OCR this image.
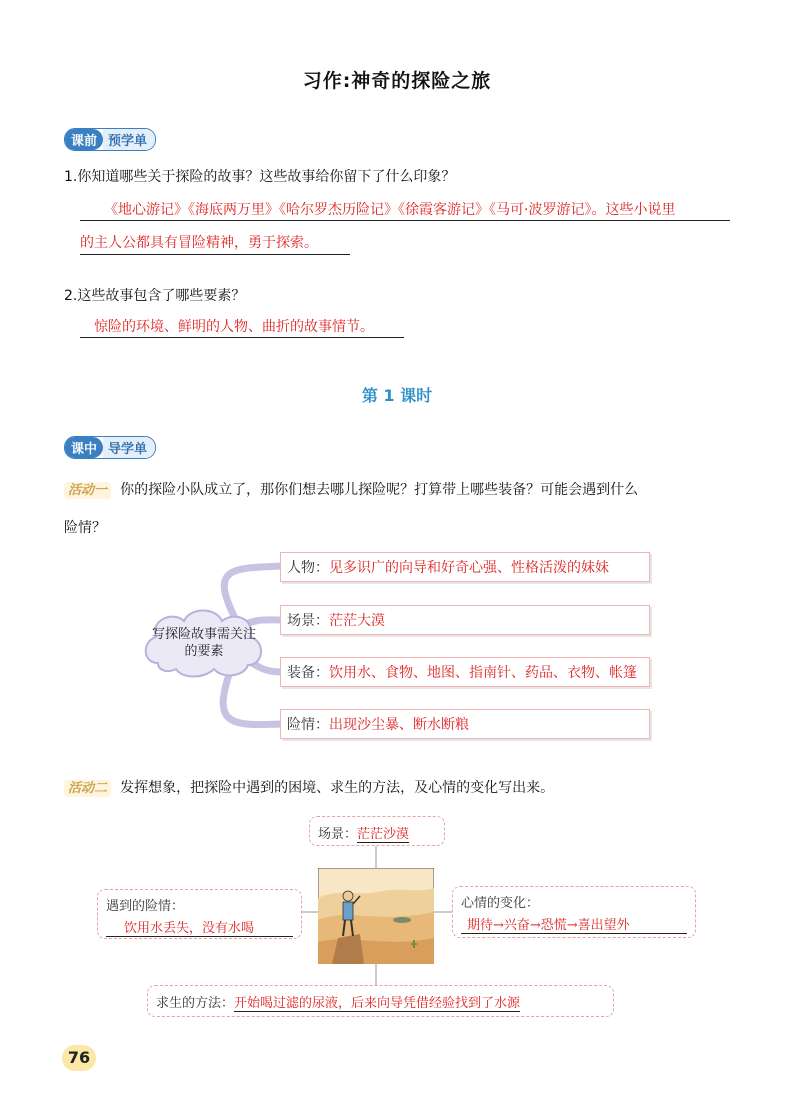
习作:神奇的探险之旅
课前 预学单
1.你知道哪些关于探险的故事？这些故事给你留下了什么印象？
《地心游记》《海底两万里》《哈尔罗杰历险记》《徐霞客游记》《马可·波罗游记》。这些小说里
的主人公都具有冒险精神，勇于探索。
2.这些故事包含了哪些要素？
惊险的环境、鲜明的人物、曲折的故事情节。
第 1 课时
课中 导学单
活动一 你的探险小队成立了，那你们想去哪儿探险呢？打算带上哪些装备？可能会遇到什么
险情？
写探险故事需关注的要素
人物： 见多识广的向导和好奇心强、性格活泼的妹妹
场景： 茫茫大漠
装备： 饮用水、食物、地图、指南针、药品、衣物、帐篷
险情： 出现沙尘暴、断水断粮
活动二 发挥想象，把探险中遇到的困境、求生的方法，及心情的变化写出来。
场景：茫茫沙漠
遇到的险情：
饮用水丢失，没有水喝
心情的变化：
期待→兴奋→恐慌→喜出望外
求生的方法：开始喝过滤的尿液，后来向导凭借经验找到了水源
76
